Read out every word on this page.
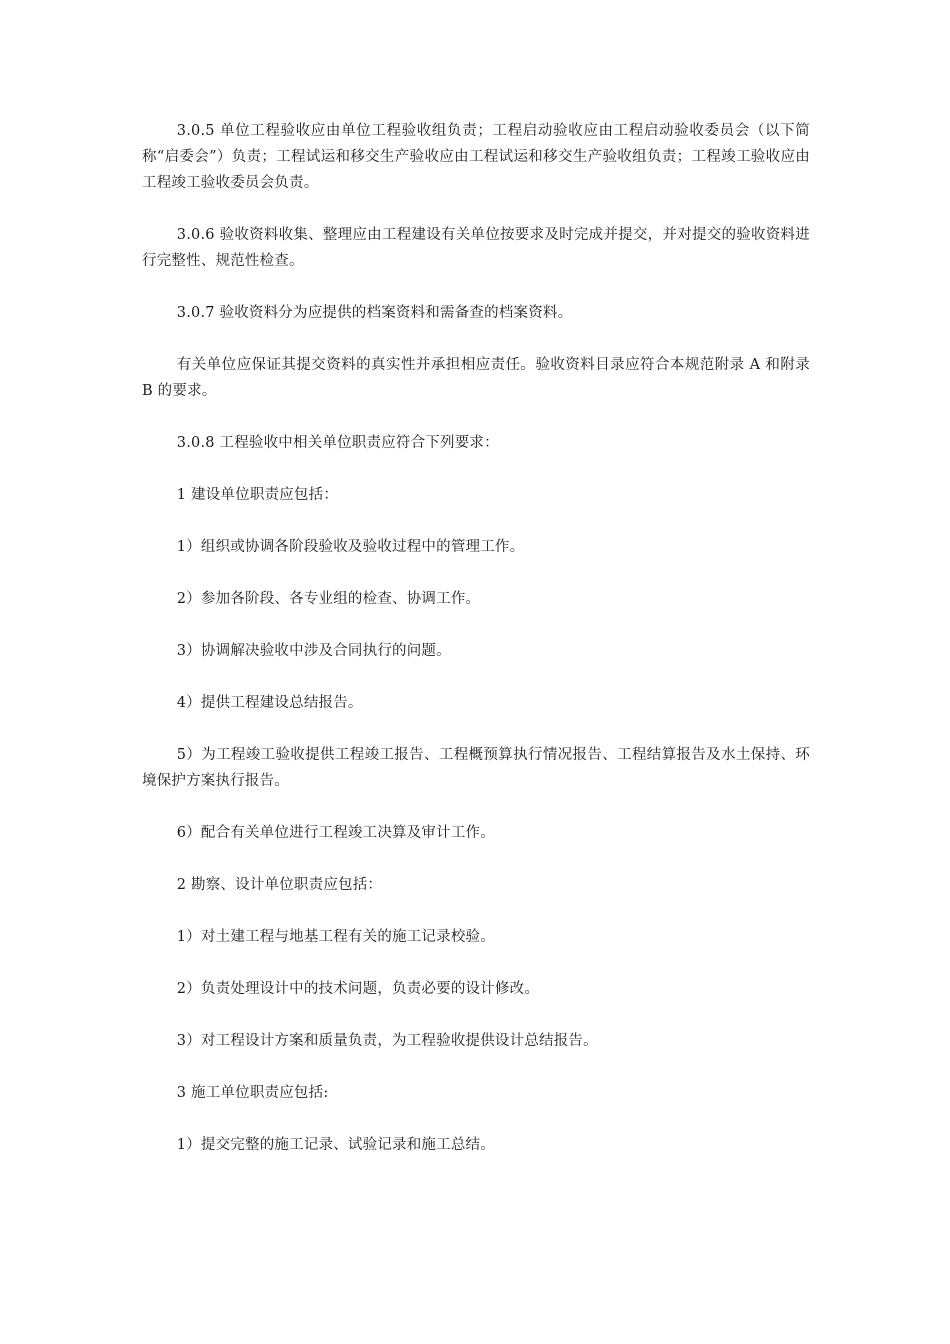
3.0.5 单位工程验收应由单位工程验收组负责；工程启动验收应由工程启动验收委员会（以下简称“启委会”）负责；工程试运和移交生产验收应由工程试运和移交生产验收组负责；工程竣工验收应由工程竣工验收委员会负责。

3.0.6 验收资料收集、整理应由工程建设有关单位按要求及时完成并提交，并对提交的验收资料进行完整性、规范性检查。

3.0.7 验收资料分为应提供的档案资料和需备查的档案资料。

有关单位应保证其提交资料的真实性并承担相应责任。验收资料目录应符合本规范附录 A 和附录 B 的要求。

3.0.8 工程验收中相关单位职责应符合下列要求：

1 建设单位职责应包括：

1）组织或协调各阶段验收及验收过程中的管理工作。

2）参加各阶段、各专业组的检查、协调工作。

3）协调解决验收中涉及合同执行的问题。

4）提供工程建设总结报告。

5）为工程竣工验收提供工程竣工报告、工程概预算执行情况报告、工程结算报告及水土保持、环境保护方案执行报告。

6）配合有关单位进行工程竣工决算及审计工作。

2 勘察、设计单位职责应包括：

1）对土建工程与地基工程有关的施工记录校验。

2）负责处理设计中的技术问题，负责必要的设计修改。

3）对工程设计方案和质量负责，为工程验收提供设计总结报告。

3 施工单位职责应包括:

1）提交完整的施工记录、试验记录和施工总结。
